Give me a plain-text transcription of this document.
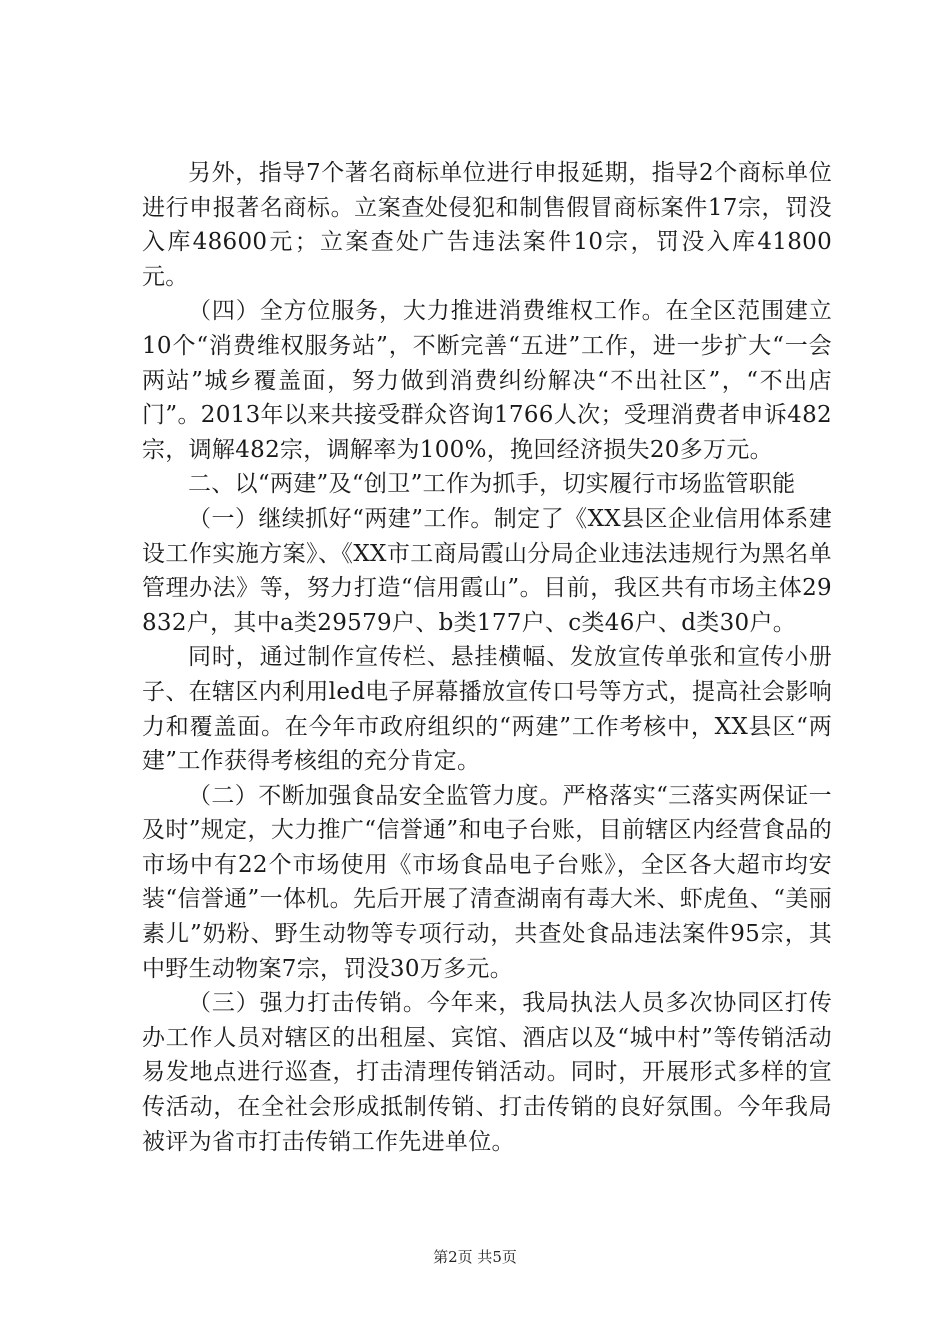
另外，指导7个著名商标单位进行申报延期，指导2个商标单位进行申报著名商标。立案查处侵犯和制售假冒商标案件17宗，罚没入库48600元；立案查处广告违法案件10宗，罚没入库41800元。

（四）全方位服务，大力推进消费维权工作。在全区范围建立10个“消费维权服务站”，不断完善“五进”工作，进一步扩大“一会两站”城乡覆盖面，努力做到消费纠纷解决“不出社区”，“不出店门”。2013年以来共接受群众咨询1766人次；受理消费者申诉482宗，调解482宗，调解率为100%，挽回经济损失20多万元。

二、以“两建”及“创卫”工作为抓手，切实履行市场监管职能

（一）继续抓好“两建”工作。制定了《XX县区企业信用体系建设工作实施方案》、《XX市工商局霞山分局企业违法违规行为黑名单管理办法》等，努力打造“信用霞山”。目前，我区共有市场主体29832户，其中a类29579户、b类177户、c类46户、d类30户。

同时，通过制作宣传栏、悬挂横幅、发放宣传单张和宣传小册子、在辖区内利用led电子屏幕播放宣传口号等方式，提高社会影响力和覆盖面。在今年市政府组织的“两建”工作考核中，XX县区“两建”工作获得考核组的充分肯定。

（二）不断加强食品安全监管力度。严格落实“三落实两保证一及时”规定，大力推广“信誉通”和电子台账，目前辖区内经营食品的市场中有22个市场使用《市场食品电子台账》，全区各大超市均安装“信誉通”一体机。先后开展了清查湖南有毒大米、虾虎鱼、“美丽素儿”奶粉、野生动物等专项行动，共查处食品违法案件95宗，其中野生动物案7宗，罚没30万多元。

（三）强力打击传销。今年来，我局执法人员多次协同区打传办工作人员对辖区的出租屋、宾馆、酒店以及“城中村”等传销活动易发地点进行巡查，打击清理传销活动。同时，开展形式多样的宣传活动，在全社会形成抵制传销、打击传销的良好氛围。今年我局被评为省市打击传销工作先进单位。

第2页 共5页
